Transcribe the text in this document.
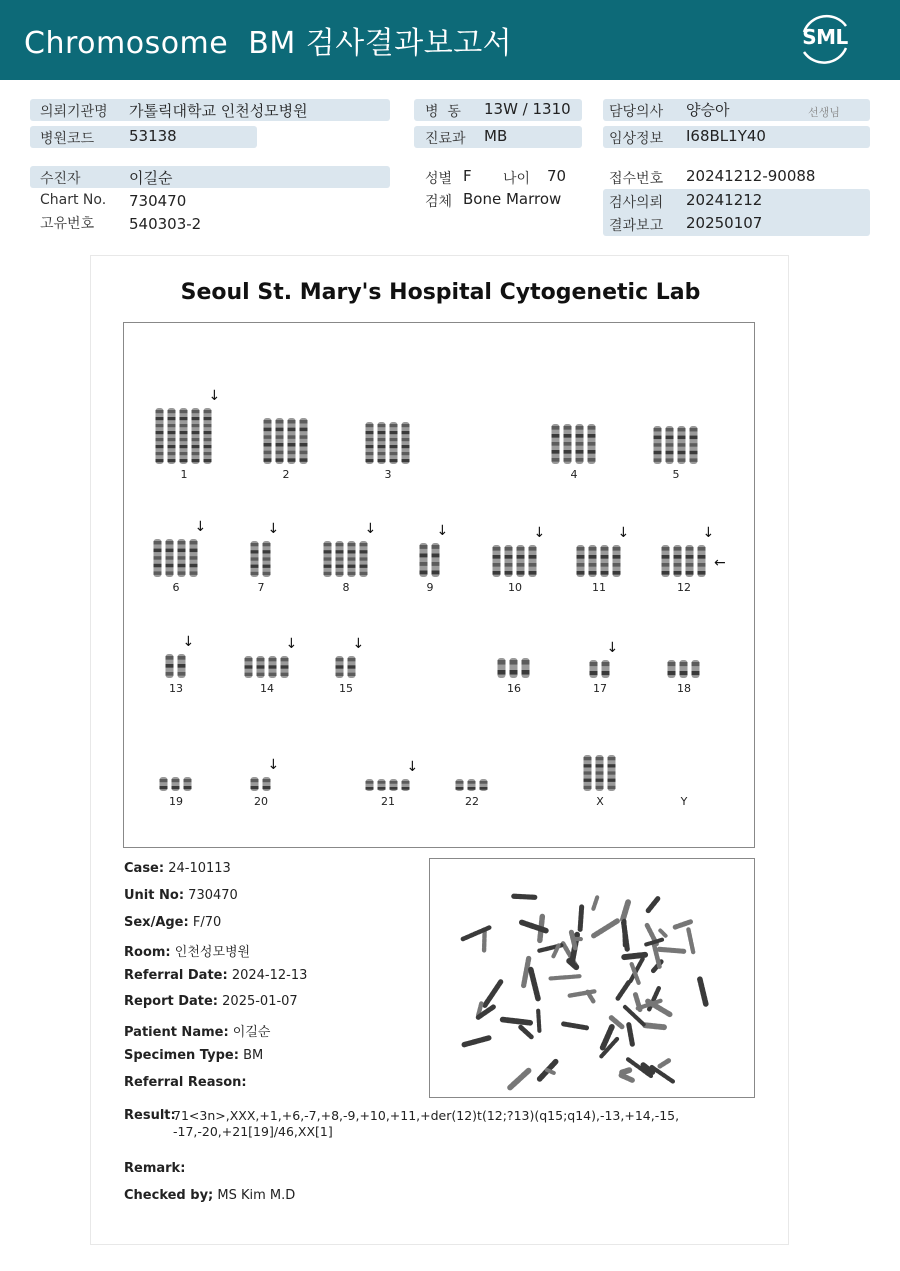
Chromosome  BM 검사결과보고서	SML
의뢰기관명 가톨릭대학교 인천성모병원
병원코드 53138
병  동 13W / 1310
진료과 MB
담당의사 양승아	선생님
임상정보 I68BL1Y40
수진자	이길순
Chart No. 730470
고유번호 540303-2
성별 F 나이 70
검체 Bone Marrow
접수번호 20241212-90088
검사의뢰 20241212
결과보고 20250107
Seoul St. Mary's Hospital Cytogenetic Lab
↓
1	2	3	4	5
↓
6
↓
7
↓
8
↓
9
↓
10
↓
11
↓
12
↓
13
↓
14
↓
15	16
↓
17	18
19
↓
20
↓
21	22	X	Y
←
Case: 24-10113
Unit No: 730470
Sex/Age: F/70
Room: 인천성모병원
Referral Date: 2024-12-13
Report Date: 2025-01-07
Patient Name: 이길순
Specimen Type: BM
Referral Reason:
Result:
71<3n>,XXX,+1,+6,-7,+8,-9,+10,+11,+der(12)t(12;?13)(q15;q14),-13,+14,-15,
-17,-20,+21[19]/46,XX[1]
Remark:
Checked by; MS Kim M.D
